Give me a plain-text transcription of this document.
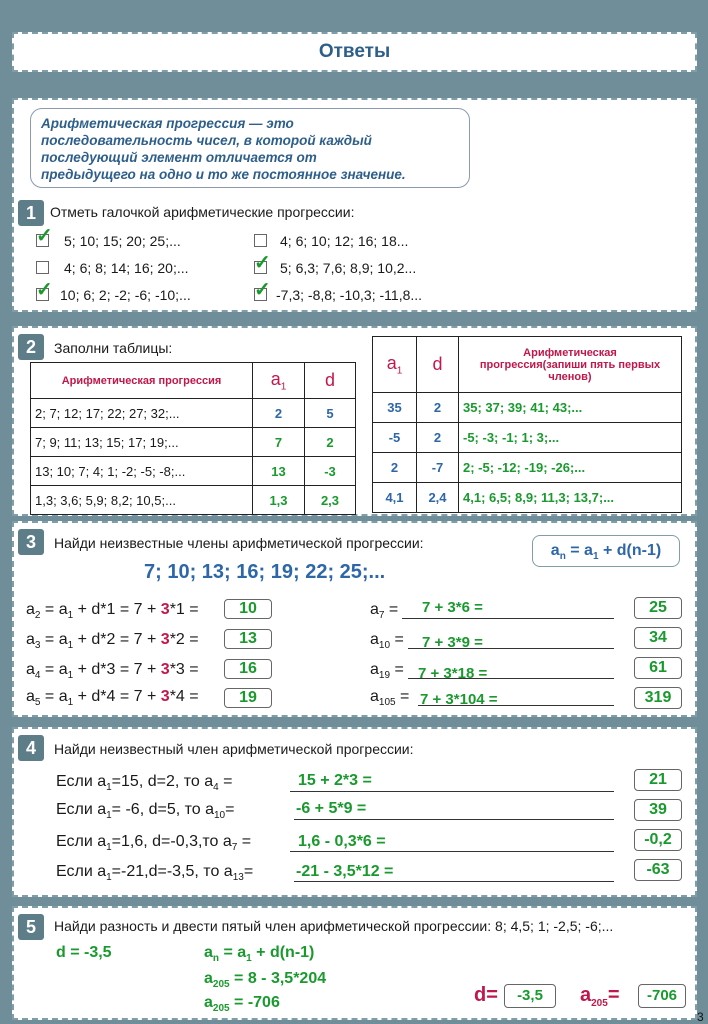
Ответы
Арифметическая прогрессия — это
последовательность чисел, в которой каждый
последующий элемент отличается от
предыдущего на одно и то же постоянное значение.
1	Отметь галочкой арифметические прогрессии:
✓ 5; 10; 15; 20; 25;...	4; 6; 10; 12; 16; 18...
4; 6; 8; 14; 16; 20;...	✓ 5; 6,3; 7,6; 8,9; 10,2...
✓ 10; 6; 2; -2; -6; -10;...	✓ -7,3; -8,8; -10,3; -11,8...
2	Заполни таблицы:
Арифметическая прогрессия	$a_1$	d
2; 7; 12; 17; 22; 27; 32;...	2	5
7; 9; 11; 13; 15; 17; 19;...	7	2
13; 10; 7; 4; 1; -2; -5; -8;...	13	-3
1,3; 3,6; 5,9; 8,2; 10,5;...	1,3	2,3
$a_1$	d	Арифметическая прогрессия(запиши пять первых членов)
35	2	35; 37; 39; 41; 43;...
-5	2	-5; -3; -1; 1; 3;...
2	-7	2; -5; -12; -19; -26;...
4,1	2,4	4,1; 6,5; 8,9; 11,3; 13,7;...
3	Найди неизвестные члены арифметической прогрессии:	$a_n = a_1 + d(n-1)$
7; 10; 13; 16; 19; 22; 25;...
$a_2 = a_1 + d*1 = 7 + 3*1$ =	10
$a_3 = a_1 + d*2 = 7 + 3*2$ =	13
$a_4 = a_1 + d*3 = 7 + 3*3$ =	16
$a_5 = a_1 + d*4 = 7 + 3*4$ =	19
$a_7 = 7 + 3*6$ =	25
$a_{10} = 7 + 3*9$ =	34
$a_{19} = 7 + 3*18$ =	61
$a_{105} = 7 + 3*104$ =	319
4	Найди неизвестный член арифметической прогрессии:
Если $a_1=15$, d=2, то $a_4$ =	15 + 2*3 =	21
Если $a_1= -6$, d=5, то $a_{10}=$	-6 + 5*9 =	39
Если $a_1=1,6$, d=-0,3,то $a_7$ =	1,6 - 0,3*6 =	-0,2
Если $a_1=-21,d=-3,5$, то $a_{13}=$	-21 - 3,5*12 =	-63
5	Найди разность и двести пятый член арифметической прогрессии: 8; 4,5; 1; -2,5; -6;...
d = -3,5	$a_n = a_1 + d(n-1)$
$a_{205} = 8 - 3,5*204$
$a_{205} = -706$	d=	-3,5	$a_{205}=$	-706
3
